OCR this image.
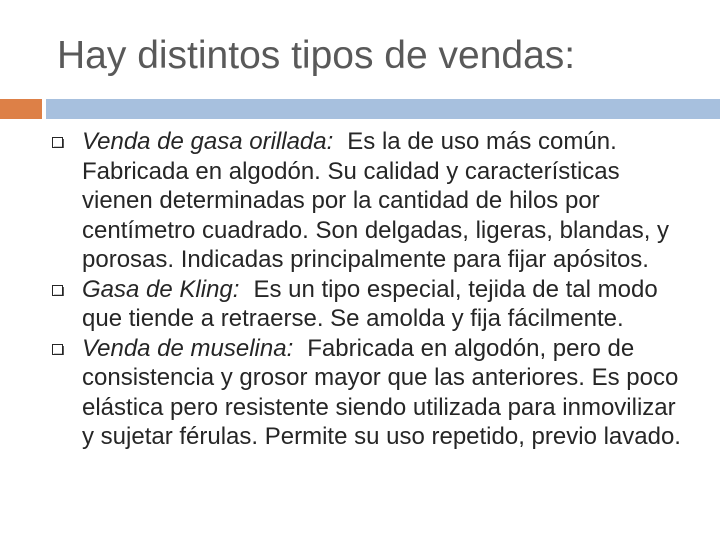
Hay distintos tipos de vendas:
Venda de gasa orillada: Es la de uso más común. Fabricada en algodón. Su calidad y características vienen determinadas por la cantidad de hilos por centímetro cuadrado. Son delgadas, ligeras, blandas, y porosas. Indicadas principalmente para fijar apósitos.
Gasa de Kling: Es un tipo especial, tejida de tal modo que tiende a retraerse. Se amolda y fija fácilmente.
Venda de muselina: Fabricada en algodón, pero de consistencia y grosor mayor que las anteriores. Es poco elástica pero resistente siendo utilizada para inmovilizar y sujetar férulas. Permite su uso repetido, previo lavado.
